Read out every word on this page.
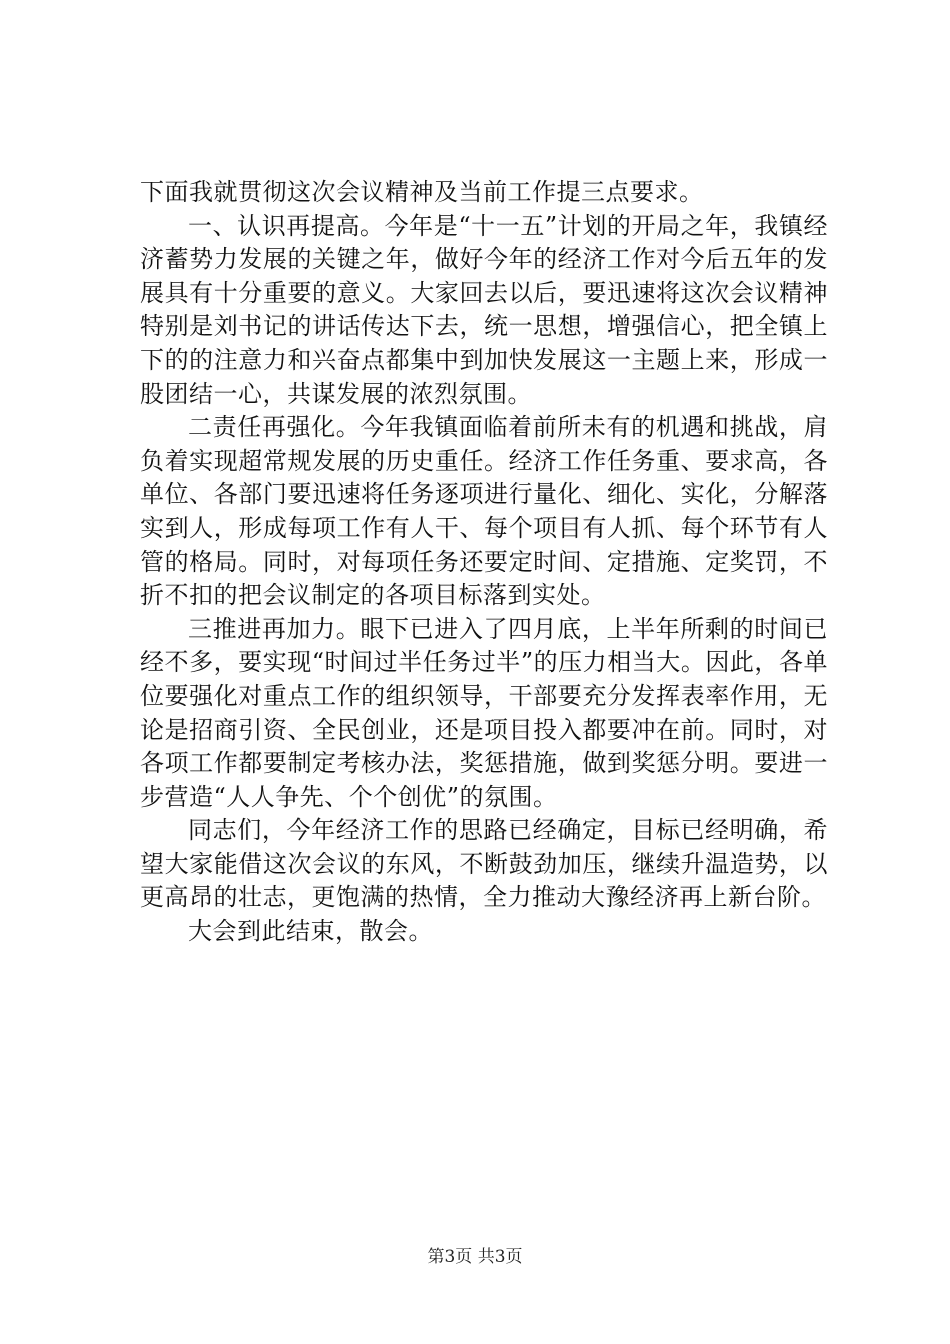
下面我就贯彻这次会议精神及当前工作提三点要求。

一、认识再提高。今年是“十一五”计划的开局之年，我镇经济蓄势力发展的关键之年，做好今年的经济工作对今后五年的发展具有十分重要的意义。大家回去以后，要迅速将这次会议精神特别是刘书记的讲话传达下去，统一思想，增强信心，把全镇上下的的注意力和兴奋点都集中到加快发展这一主题上来，形成一股团结一心，共谋发展的浓烈氛围。

二责任再强化。今年我镇面临着前所未有的机遇和挑战，肩负着实现超常规发展的历史重任。经济工作任务重、要求高，各单位、各部门要迅速将任务逐项进行量化、细化、实化，分解落实到人，形成每项工作有人干、每个项目有人抓、每个环节有人管的格局。同时，对每项任务还要定时间、定措施、定奖罚，不折不扣的把会议制定的各项目标落到实处。

三推进再加力。眼下已进入了四月底，上半年所剩的时间已经不多，要实现“时间过半任务过半”的压力相当大。因此，各单位要强化对重点工作的组织领导，干部要充分发挥表率作用，无论是招商引资、全民创业，还是项目投入都要冲在前。同时，对各项工作都要制定考核办法，奖惩措施，做到奖惩分明。要进一步营造“人人争先、个个创优”的氛围。

同志们，今年经济工作的思路已经确定，目标已经明确，希望大家能借这次会议的东风，不断鼓劲加压，继续升温造势，以更高昂的壮志，更饱满的热情，全力推动大豫经济再上新台阶。

大会到此结束，散会。

第3页 共3页
